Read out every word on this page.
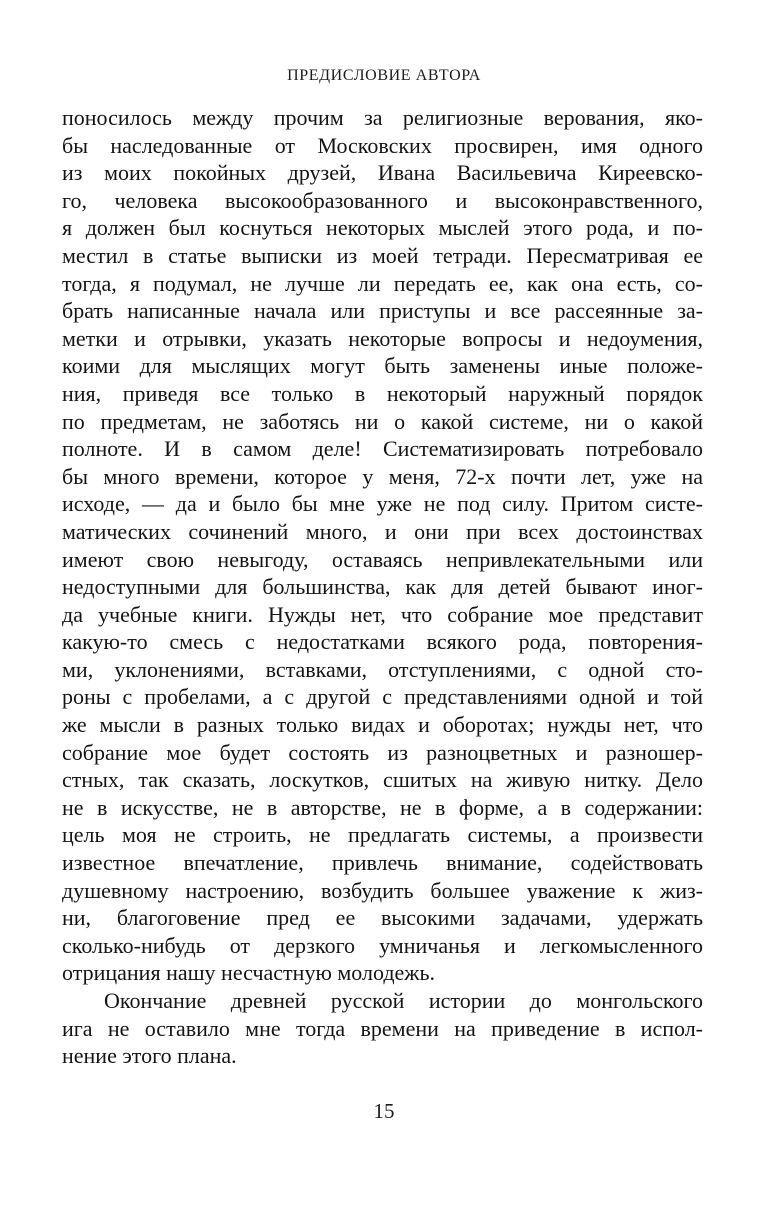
ПРЕДИСЛОВИЕ АВТОРА
поносилось между прочим за религиозные верования, яко-
бы наследованные от Московских просвирен, имя одного
из моих покойных друзей, Ивана Васильевича Киреевско-
го, человека высокообразованного и высоконравственного,
я должен был коснуться некоторых мыслей этого рода, и по-
местил в статье выписки из моей тетради. Пересматривая ее
тогда, я подумал, не лучше ли передать ее, как она есть, со-
брать написанные начала или приступы и все рассеянные за-
метки и отрывки, указать некоторые вопросы и недоумения,
коими для мыслящих могут быть заменены иные положе-
ния, приведя все только в некоторый наружный порядок
по предметам, не заботясь ни о какой системе, ни о какой
полноте. И в самом деле! Систематизировать потребовало
бы много времени, которое у меня, 72-х почти лет, уже на
исходе, — да и было бы мне уже не под силу. Притом систе-
матических сочинений много, и они при всех достоинствах
имеют свою невыгоду, оставаясь непривлекательными или
недоступными для большинства, как для детей бывают иног-
да учебные книги. Нужды нет, что собрание мое представит
какую-то смесь с недостатками всякого рода, повторения-
ми, уклонениями, вставками, отступлениями, с одной сто-
роны с пробелами, а с другой с представлениями одной и той
же мысли в разных только видах и оборотах; нужды нет, что
собрание мое будет состоять из разноцветных и разношер-
стных, так сказать, лоскутков, сшитых на живую нитку. Дело
не в искусстве, не в авторстве, не в форме, а в содержании:
цель моя не строить, не предлагать системы, а произвести
известное впечатление, привлечь внимание, содействовать
душевному настроению, возбудить большее уважение к жиз-
ни, благоговение пред ее высокими задачами, удержать
сколько-нибудь от дерзкого умничанья и легкомысленного
отрицания нашу несчастную молодежь.
Окончание древней русской истории до монгольского
ига не оставило мне тогда времени на приведение в испол-
нение этого плана.
15
